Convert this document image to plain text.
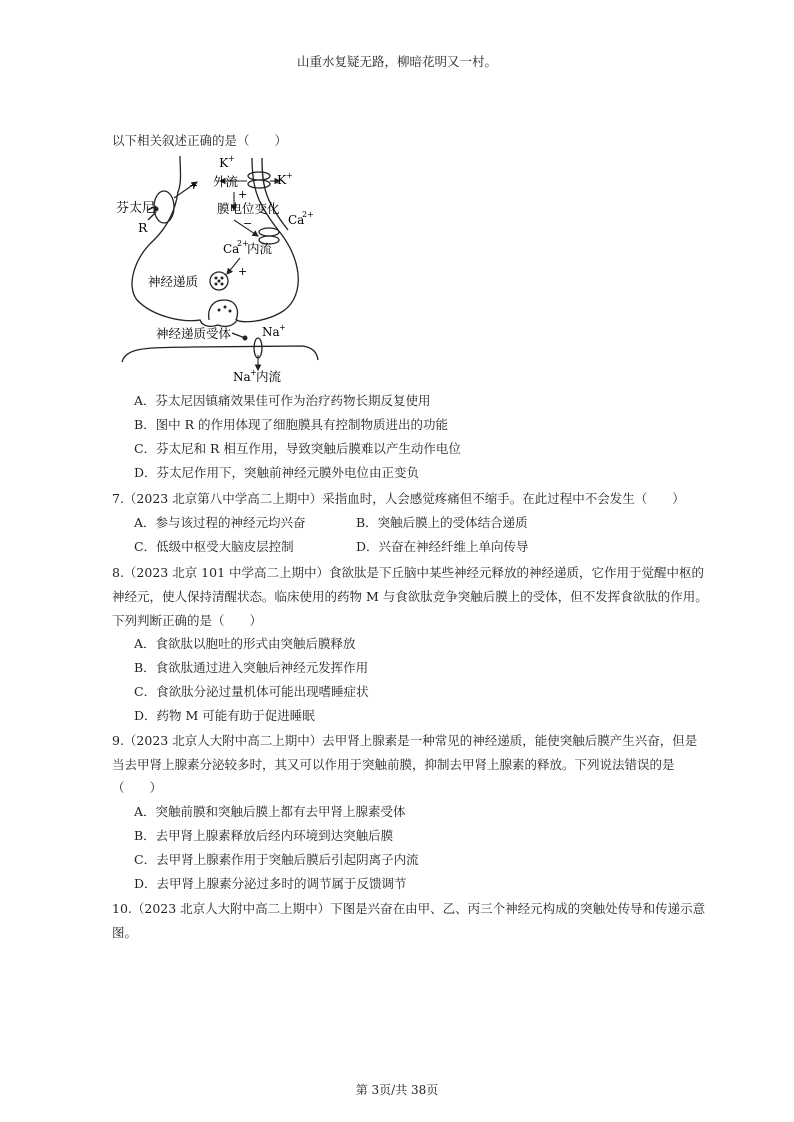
山重水复疑无路，柳暗花明又一村。
以下相关叙述正确的是（　　）
K +
外流	K +
+
+
芬太尼
R
膜电位变化
−	Ca
2+
Ca
2+
内流
神经递质
+
神经递质受体	Na +
Na + 内流
A．芬太尼因镇痛效果佳可作为治疗药物长期反复使用
B．图中 R 的作用体现了细胞膜具有控制物质进出的功能
C．芬太尼和 R 相互作用，导致突触后膜难以产生动作电位
D．芬太尼作用下，突触前神经元膜外电位由正变负
7.（2023 北京第八中学高二上期中）采指血时，人会感觉疼痛但不缩手。在此过程中不会发生（　　）
A．参与该过程的神经元均兴奋	B．突触后膜上的受体结合递质
C．低级中枢受大脑皮层控制	D．兴奋在神经纤维上单向传导
8.（2023 北京 101 中学高二上期中）食欲肽是下丘脑中某些神经元释放的神经递质，它作用于觉醒中枢的
神经元，使人保持清醒状态。临床使用的药物 M 与食欲肽竞争突触后膜上的受体，但不发挥食欲肽的作用。
下列判断正确的是（　　）
A．食欲肽以胞吐的形式由突触后膜释放
B．食欲肽通过进入突触后神经元发挥作用
C．食欲肽分泌过量机体可能出现嗜睡症状
D．药物 M 可能有助于促进睡眠
9.（2023 北京人大附中高二上期中）去甲肾上腺素是一种常见的神经递质，能使突触后膜产生兴奋，但是
当去甲肾上腺素分泌较多时，其又可以作用于突触前膜，抑制去甲肾上腺素的释放。下列说法错误的是
（　　）
A．突触前膜和突触后膜上都有去甲肾上腺素受体
B．去甲肾上腺素释放后经内环境到达突触后膜
C．去甲肾上腺素作用于突触后膜后引起阴离子内流
D．去甲肾上腺素分泌过多时的调节属于反馈调节
10.（2023 北京人大附中高二上期中）下图是兴奋在由甲、乙、丙三个神经元构成的突触处传导和传递示意
图。
第 3页/共 38页
